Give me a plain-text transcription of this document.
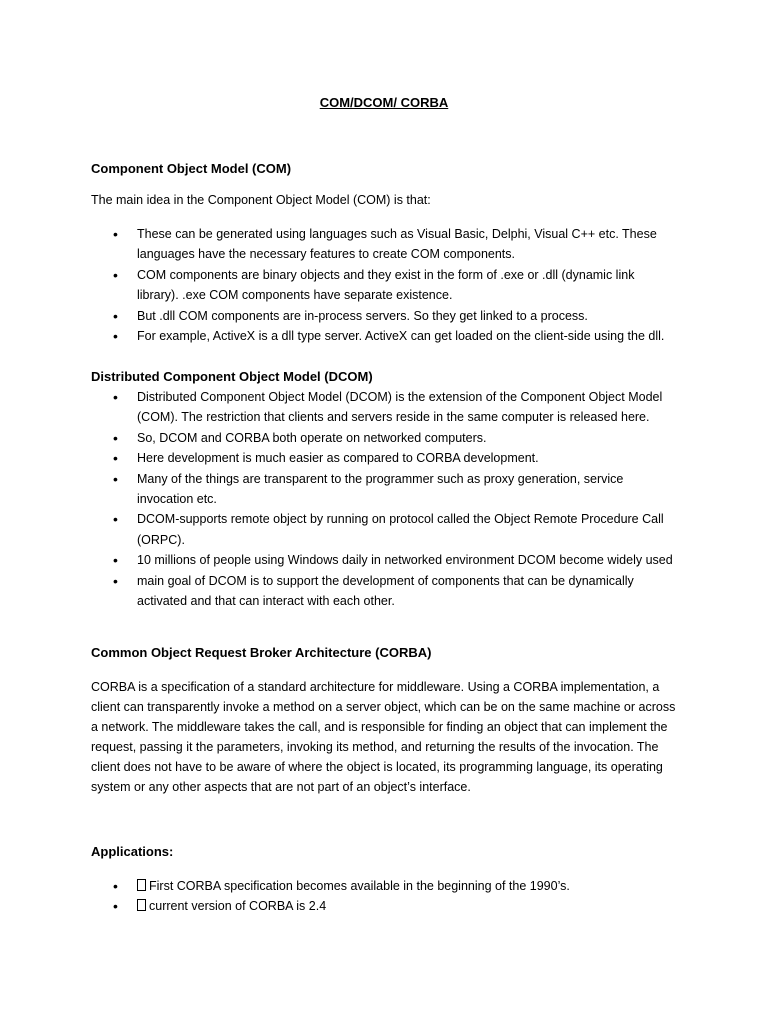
COM/DCOM/ CORBA
Component Object Model (COM)
The main idea in the Component Object Model (COM) is that:
• These can be generated using languages such as Visual Basic, Delphi, Visual C++ etc. These languages have the necessary features to create COM components.
• COM components are binary objects and they exist in the form of .exe or .dll (dynamic link library). .exe COM components have separate existence.
• But .dll COM components are in-process servers. So they get linked to a process.
• For example, ActiveX is a dll type server. ActiveX can get loaded on the client-side using the dll.
Distributed Component Object Model (DCOM)
• Distributed Component Object Model (DCOM) is the extension of the Component Object Model (COM). The restriction that clients and servers reside in the same computer is released here.
• So, DCOM and CORBA both operate on networked computers.
• Here development is much easier as compared to CORBA development.
• Many of the things are transparent to the programmer such as proxy generation, service invocation etc.
• DCOM-supports remote object by running on protocol called the Object Remote Procedure Call (ORPC).
• 10 millions of people using Windows daily in networked environment DCOM become widely used
• main goal of DCOM is to support the development of components that can be dynamically activated and that can interact with each other.
Common Object Request Broker Architecture (CORBA)
CORBA is a specification of a standard architecture for middleware. Using a CORBA implementation, a client can transparently invoke a method on a server object, which can be on the same machine or across a network. The middleware takes the call, and is responsible for finding an object that can implement the request, passing it the parameters, invoking its method, and returning the results of the invocation. The client does not have to be aware of where the object is located, its programming language, its operating system or any other aspects that are not part of an object’s interface.
Applications:
• First CORBA specification becomes available in the beginning of the 1990’s.
• current version of CORBA is 2.4
